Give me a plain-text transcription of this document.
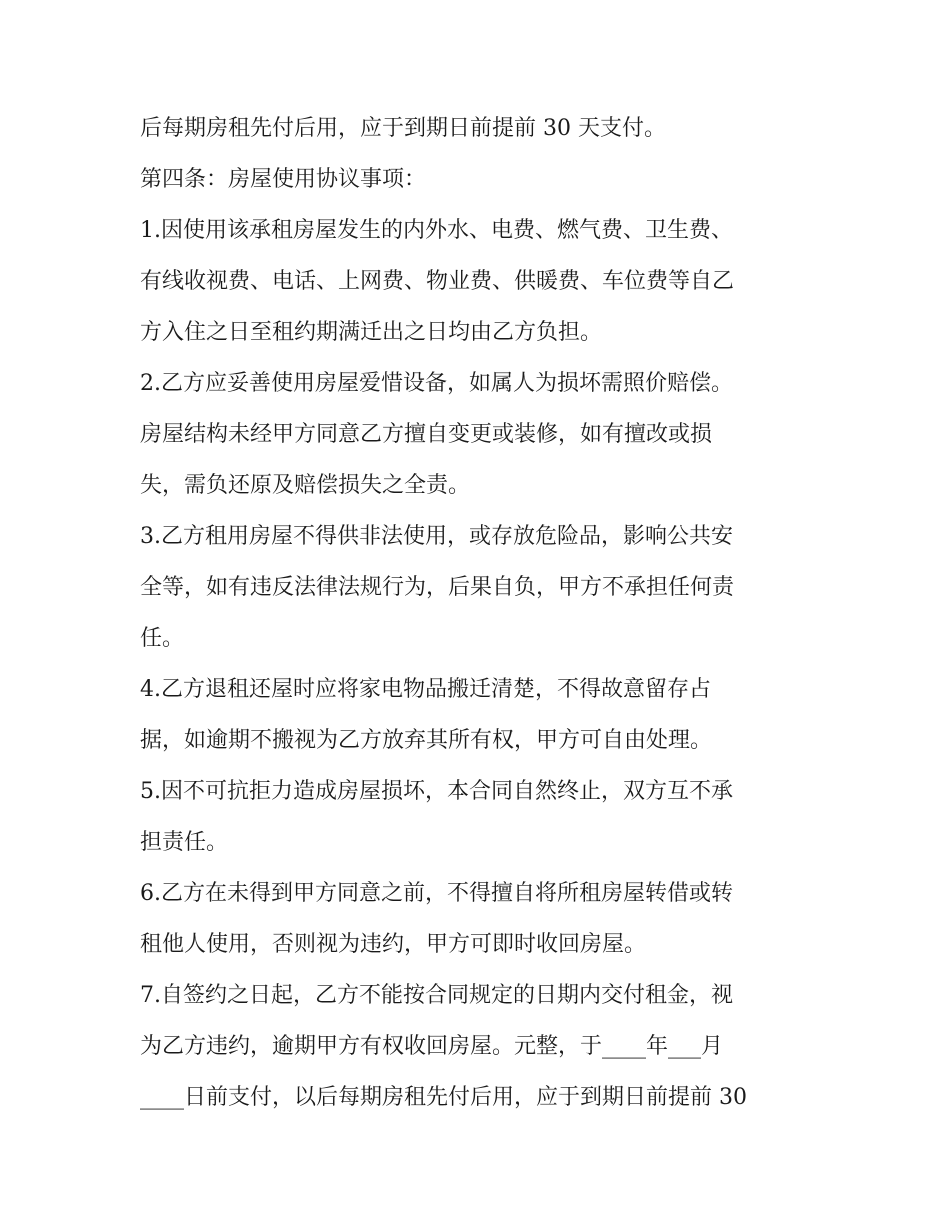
后每期房租先付后用，应于到期日前提前 30 天支付。
第四条：房屋使用协议事项：
1.因使用该承租房屋发生的内外水、电费、燃气费、卫生费、
有线收视费、电话、上网费、物业费、供暖费、车位费等自乙
方入住之日至租约期满迁出之日均由乙方负担。
2.乙方应妥善使用房屋爱惜设备，如属人为损坏需照价赔偿。
房屋结构未经甲方同意乙方擅自变更或装修，如有擅改或损
失，需负还原及赔偿损失之全责。
3.乙方租用房屋不得供非法使用，或存放危险品，影响公共安
全等，如有违反法律法规行为，后果自负，甲方不承担任何责
任。
4.乙方退租还屋时应将家电物品搬迁清楚，不得故意留存占
据，如逾期不搬视为乙方放弃其所有权，甲方可自由处理。
5.因不可抗拒力造成房屋损坏，本合同自然终止，双方互不承
担责任。
6.乙方在未得到甲方同意之前，不得擅自将所租房屋转借或转
租他人使用，否则视为违约，甲方可即时收回房屋。
7.自签约之日起，乙方不能按合同规定的日期内交付租金，视
为乙方违约，逾期甲方有权收回房屋。元整，于____年___月
____日前支付，以后每期房租先付后用，应于到期日前提前 30
